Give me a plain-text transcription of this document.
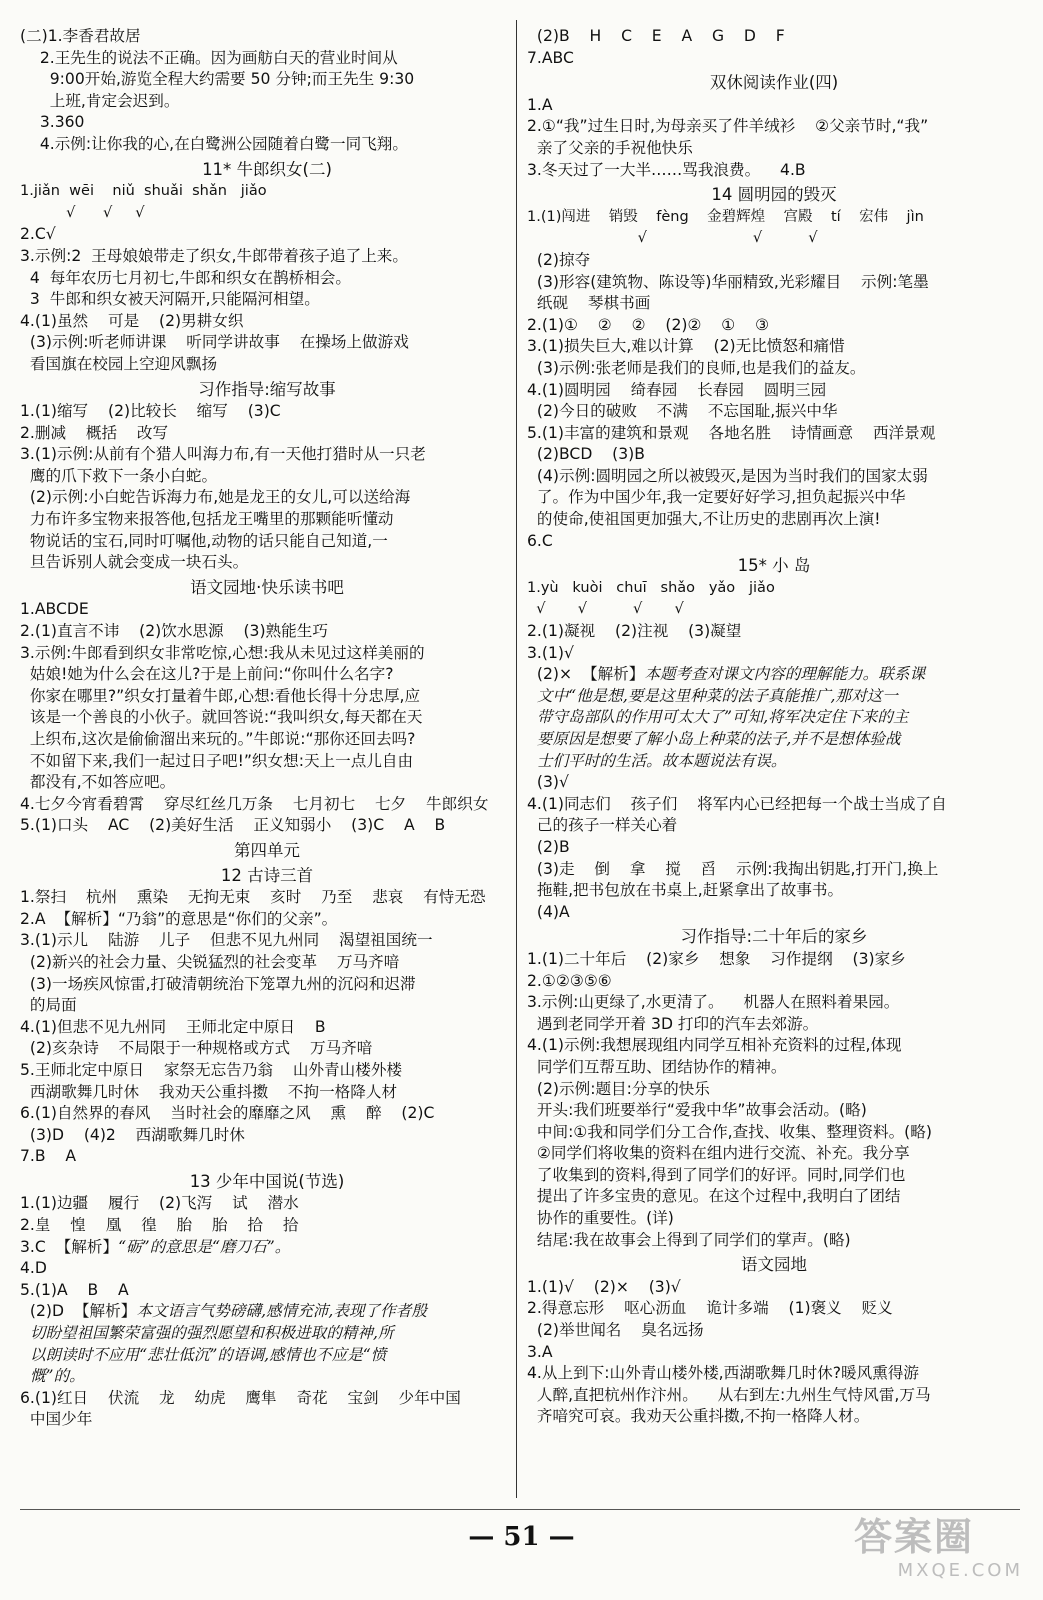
(二)1.李香君故居
2.王先生的说法不正确。因为画舫白天的营业时间从
9:00开始,游览全程大约需要 50 分钟;而王先生 9:30
上班,肯定会迟到。
3.360
4.示例:让你我的心,在白鹭洲公园随着白鹭一同飞翔。
11* 牛郎织女(二)
1.jiǎn  wēi    niǔ  shuǎi  shǎn   jiǎo
√      √     √
2.C√
3.示例:2  王母娘娘带走了织女,牛郎带着孩子追了上来。
4  每年农历七月初七,牛郎和织女在鹊桥相会。
3  牛郎和织女被天河隔开,只能隔河相望。
4.(1)虽然    可是    (2)男耕女织
(3)示例:听老师讲课    听同学讲故事    在操场上做游戏
看国旗在校园上空迎风飘扬
习作指导:缩写故事
1.(1)缩写    (2)比较长    缩写    (3)C
2.删减    概括    改写
3.(1)示例:从前有个猎人叫海力布,有一天他打猎时从一只老
鹰的爪下救下一条小白蛇。
(2)示例:小白蛇告诉海力布,她是龙王的女儿,可以送给海
力布许多宝物来报答他,包括龙王嘴里的那颗能听懂动
物说话的宝石,同时叮嘱他,动物的话只能自己知道,一
旦告诉别人就会变成一块石头。
语文园地·快乐读书吧
1.ABCDE
2.(1)直言不讳    (2)饮水思源    (3)熟能生巧
3.示例:牛郎看到织女非常吃惊,心想:我从未见过这样美丽的
姑娘!她为什么会在这儿?于是上前问:“你叫什么名字?
你家在哪里?”织女打量着牛郎,心想:看他长得十分忠厚,应
该是一个善良的小伙子。就回答说:“我叫织女,每天都在天
上织布,这次是偷偷溜出来玩的。”牛郎说:“那你还回去吗?
不如留下来,我们一起过日子吧!”织女想:天上一点儿自由
都没有,不如答应吧。
4.七夕今宵看碧霄    穿尽红丝几万条    七月初七    七夕    牛郎织女
5.(1)口头    AC    (2)美好生活    正义知弱小    (3)C    A    B
第四单元
12 古诗三首
1.祭扫    杭州    熏染    无拘无束    亥时    乃至    悲哀    有恃无恐
2.A  【解析】“乃翁”的意思是“你们的父亲”。
3.(1)示儿    陆游    儿子    但悲不见九州同    渴望祖国统一
(2)新兴的社会力量、尖锐猛烈的社会变革    万马齐喑
(3)一场疾风惊雷,打破清朝统治下笼罩九州的沉闷和迟滞
的局面
4.(1)但悲不见九州同    王师北定中原日    B
(2)亥杂诗    不局限于一种规格或方式    万马齐喑
5.王师北定中原日    家祭无忘告乃翁    山外青山楼外楼
西湖歌舞几时休    我劝天公重抖擞    不拘一格降人材
6.(1)自然界的春风    当时社会的靡靡之风    熏    醉    (2)C
(3)D    (4)2    西湖歌舞几时休
7.B    A
13 少年中国说(节选)
1.(1)边疆    履行    (2)飞泻    试    潜水
2.皇    惶    凰    徨    胎    胎    拾    拾
3.C  【解析】“砺”的意思是“磨刀石”。
4.D
5.(1)A    B    A
(2)D  【解析】本文语言气势磅礴,感情充沛,表现了作者殷
切盼望祖国繁荣富强的强烈愿望和积极进取的精神,所
以朗读时不应用“悲壮低沉”的语调,感情也不应是“愤
慨”的。
6.(1)红日    伏流    龙    幼虎    鹰隼    奇花    宝剑    少年中国
中国少年
(2)B    H    C    E    A    G    D    F
7.ABC
双休阅读作业(四)
1.A
2.①“我”过生日时,为母亲买了件羊绒衫    ②父亲节时,“我”
亲了父亲的手祝他快乐
3.冬天过了一大半……骂我浪费。    4.B
14 圆明园的毁灭
1.(1)闯进    销毁    fèng    金碧辉煌    宫殿    tí    宏伟    jìn
√                       √          √
(2)掠夺
(3)形容(建筑物、陈设等)华丽精致,光彩耀目    示例:笔墨
纸砚    琴棋书画
2.(1)①    ②    ②    (2)②    ①    ③
3.(1)损失巨大,难以计算    (2)无比愤怒和痛惜
(3)示例:张老师是我们的良师,也是我们的益友。
4.(1)圆明园    绮春园    长春园    圆明三园
(2)今日的破败    不满    不忘国耻,振兴中华
5.(1)丰富的建筑和景观    各地名胜    诗情画意    西洋景观
(2)BCD    (3)B
(4)示例:圆明园之所以被毁灭,是因为当时我们的国家太弱
了。作为中国少年,我一定要好好学习,担负起振兴中华
的使命,使祖国更加强大,不让历史的悲剧再次上演!
6.C
15* 小 岛
1.yù   kuòi   chuī   shǎo   yǎo   jiǎo
√       √          √       √
2.(1)凝视    (2)注视    (3)凝望
3.(1)√
(2)×  【解析】本题考查对课文内容的理解能力。联系课
文中“他是想,要是这里种菜的法子真能推广,那对这一
带守岛部队的作用可太大了”可知,将军决定住下来的主
要原因是想要了解小岛上种菜的法子,并不是想体验战
士们平时的生活。故本题说法有误。
(3)√
4.(1)同志们    孩子们    将军内心已经把每一个战士当成了自
己的孩子一样关心着
(2)B
(3)走    倒    拿    搅    舀    示例:我掏出钥匙,打开门,换上
拖鞋,把书包放在书桌上,赶紧拿出了故事书。
(4)A
习作指导:二十年后的家乡
1.(1)二十年后    (2)家乡    想象    习作提纲    (3)家乡
2.①②③⑤⑥
3.示例:山更绿了,水更清了。    机器人在照料着果园。
遇到老同学开着 3D 打印的汽车去郊游。
4.(1)示例:我想展现组内同学互相补充资料的过程,体现
同学们互帮互助、团结协作的精神。
(2)示例:题目:分享的快乐
开头:我们班要举行“爱我中华”故事会活动。(略)
中间:①我和同学们分工合作,查找、收集、整理资料。(略)
②同学们将收集的资料在组内进行交流、补充。我分享
了收集到的资料,得到了同学们的好评。同时,同学们也
提出了许多宝贵的意见。在这个过程中,我明白了团结
协作的重要性。(详)
结尾:我在故事会上得到了同学们的掌声。(略)
语文园地
1.(1)√    (2)×    (3)√
2.得意忘形    呕心沥血    诡计多端    (1)褒义    贬义
(2)举世闻名    臭名远扬
3.A
4.从上到下:山外青山楼外楼,西湖歌舞几时休?暖风熏得游
人醉,直把杭州作汴州。    从右到左:九州生气恃风雷,万马
齐喑究可哀。我劝天公重抖擞,不拘一格降人材。
— 51 —	答案圈
MXQE.COM
